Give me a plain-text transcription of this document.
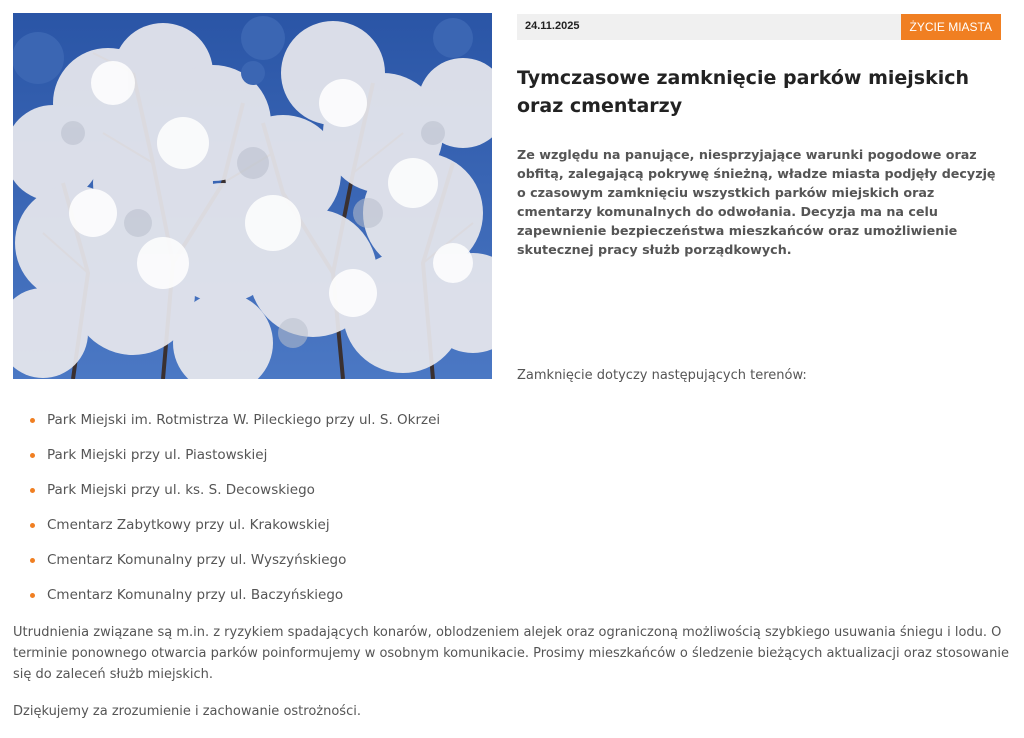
24.11.2025	ŻYCIE MIASTA
Tymczasowe zamknięcie parków miejskich oraz cmentarzy

Ze względu na panujące, niesprzyjające warunki pogodowe oraz obfitą, zalegającą pokrywę śnieżną, władze miasta podjęły decyzję o czasowym zamknięciu wszystkich parków miejskich oraz cmentarzy komunalnych do odwołania. Decyzja ma na celu zapewnienie bezpieczeństwa mieszkańców oraz umożliwienie skutecznej pracy służb porządkowych.

Zamknięcie dotyczy następujących terenów:

Park Miejski im. Rotmistrza W. Pileckiego przy ul. S. Okrzei
Park Miejski przy ul. Piastowskiej
Park Miejski przy ul. ks. S. Decowskiego
Cmentarz Zabytkowy przy ul. Krakowskiej
Cmentarz Komunalny przy ul. Wyszyńskiego
Cmentarz Komunalny przy ul. Baczyńskiego

Utrudnienia związane są m.in. z ryzykiem spadających konarów, oblodzeniem alejek oraz ograniczoną możliwością szybkiego usuwania śniegu i lodu. O terminie ponownego otwarcia parków poinformujemy w osobnym komunikacie. Prosimy mieszkańców o śledzenie bieżących aktualizacji oraz stosowanie się do zaleceń służb miejskich.

Dziękujemy za zrozumienie i zachowanie ostrożności.
